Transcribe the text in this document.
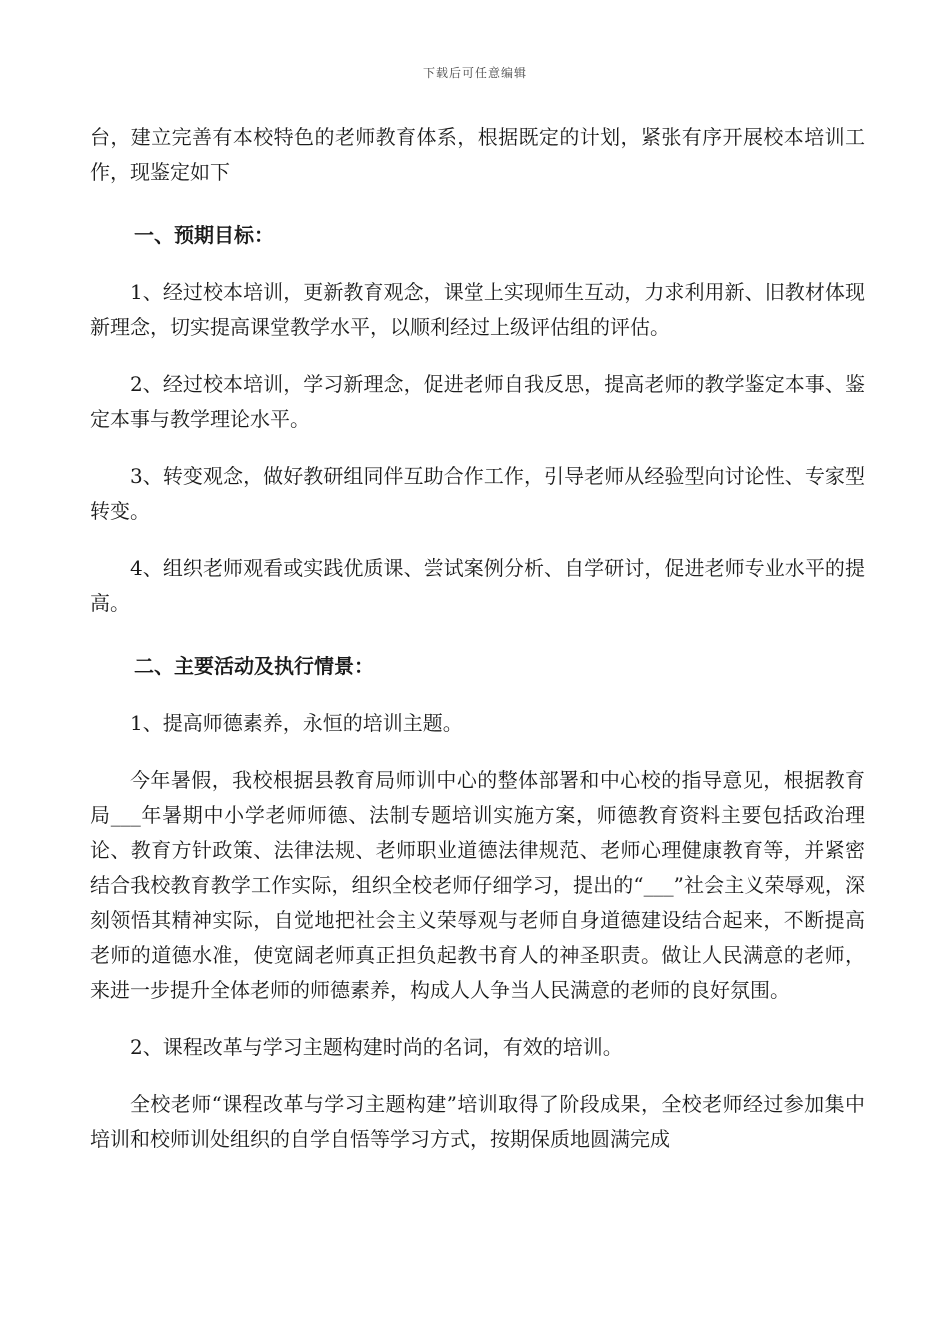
下载后可任意编辑

台，建立完善有本校特色的老师教育体系，根据既定的计划，紧张有序开展校本培训工作，现鉴定如下

一、预期目标：

1、经过校本培训，更新教育观念，课堂上实现师生互动，力求利用新、旧教材体现新理念，切实提高课堂教学水平，以顺利经过上级评估组的评估。

2、经过校本培训，学习新理念，促进老师自我反思，提高老师的教学鉴定本事、鉴定本事与教学理论水平。

3、转变观念，做好教研组同伴互助合作工作，引导老师从经验型向讨论性、专家型转变。

4、组织老师观看或实践优质课、尝试案例分析、自学研讨，促进老师专业水平的提高。

二、主要活动及执行情景：

1、提高师德素养，永恒的培训主题。

今年暑假，我校根据县教育局师训中心的整体部署和中心校的指导意见，根据教育局___年暑期中小学老师师德、法制专题培训实施方案，师德教育资料主要包括政治理论、教育方针政策、法律法规、老师职业道德法律规范、老师心理健康教育等，并紧密结合我校教育教学工作实际，组织全校老师仔细学习，提出的“___”社会主义荣辱观，深刻领悟其精神实际，自觉地把社会主义荣辱观与老师自身道德建设结合起来，不断提高老师的道德水准，使宽阔老师真正担负起教书育人的神圣职责。做让人民满意的老师，来进一步提升全体老师的师德素养，构成人人争当人民满意的老师的良好氛围。

2、课程改革与学习主题构建时尚的名词，有效的培训。

全校老师“课程改革与学习主题构建”培训取得了阶段成果，全校老师经过参加集中培训和校师训处组织的自学自悟等学习方式，按期保质地圆满完成
